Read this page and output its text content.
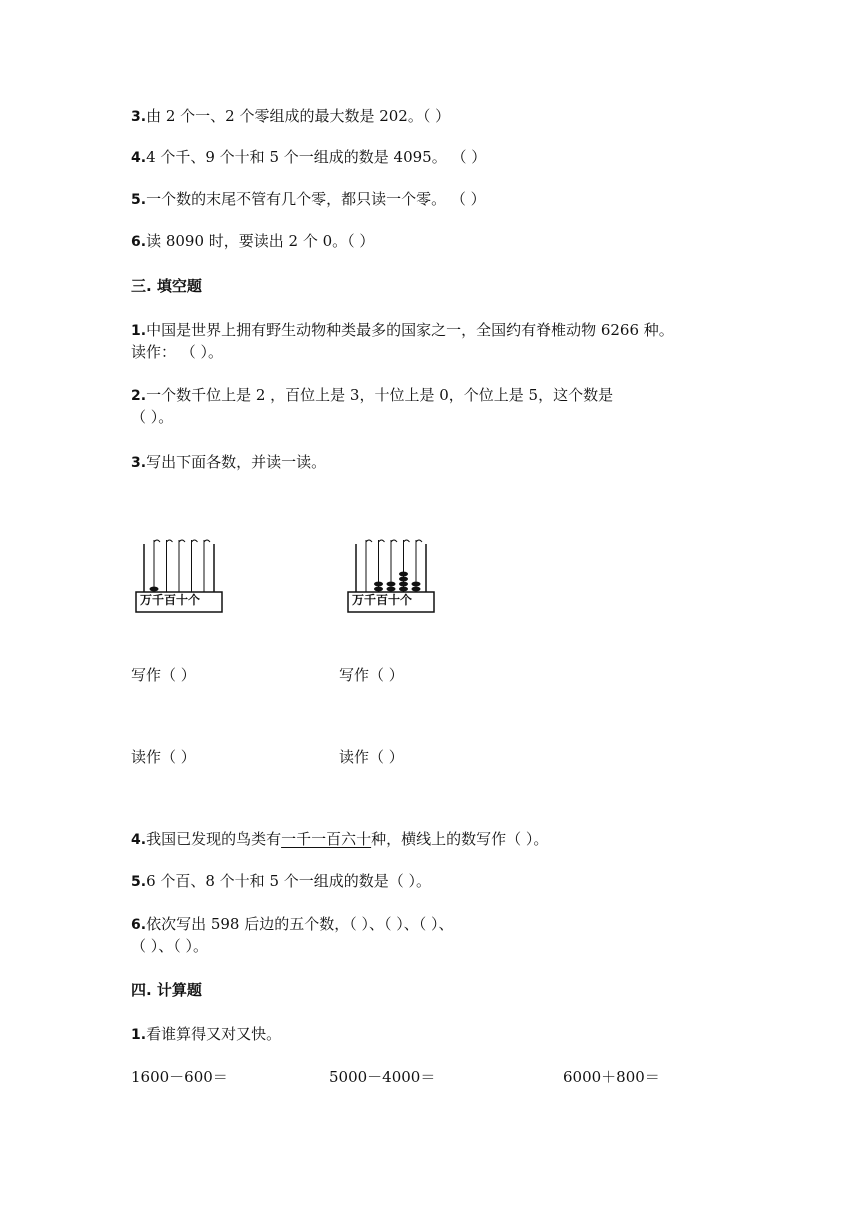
3.由 2 个一、2 个零组成的最大数是 202。（ ）
4.4 个千、9 个十和 5 个一组成的数是 4095。 （ ）
5.一个数的末尾不管有几个零，都只读一个零。 （ ）
6.读 8090 时，要读出 2 个 0。（ ）
三. 填空题
1.中国是世界上拥有野生动物种类最多的国家之一，全国约有脊椎动物 6266 种。
读作： （ ）。
2.一个数千位上是 2 ，百位上是 3，十位上是 0，个位上是 5，这个数是
（ ）。
3.写出下面各数，并读一读。
万千百十个	万千百十个
写作（ ）	写作（ ）
读作（ ）	读作（ ）
4.我国已发现的鸟类有一千一百六十种，横线上的数写作（ ）。
5.6 个百、8 个十和 5 个一组成的数是（ ）。
6.依次写出 598 后边的五个数，（ ）、（ ）、（ ）、
（ ）、（ ）。
四. 计算题
1.看谁算得又对又快。
1600－600＝	5000－4000＝	6000＋800＝
